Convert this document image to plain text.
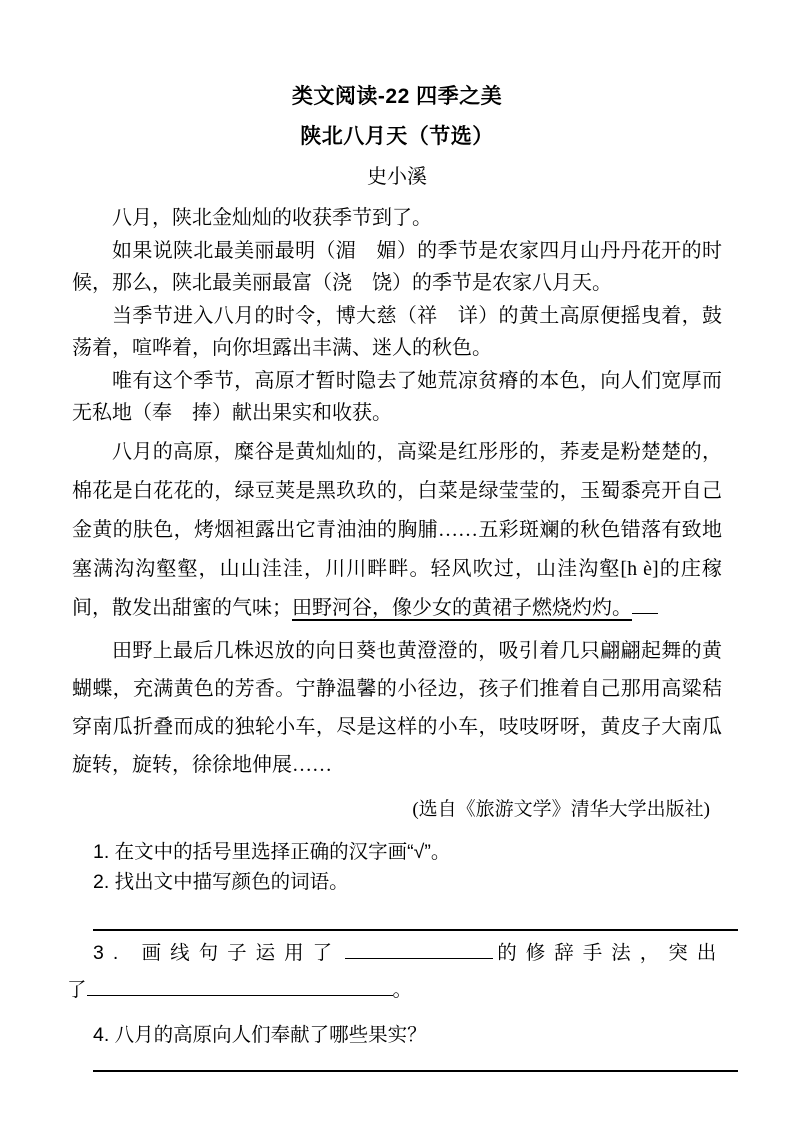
类文阅读-22 四季之美
陕北八月天（节选）
史小溪

八月，陕北金灿灿的收获季节到了。

如果说陕北最美丽最明（湄　媚）的季节是农家四月山丹丹花开的时候，那么，陕北最美丽最富（浇　饶）的季节是农家八月天。

当季节进入八月的时令，博大慈（祥　详）的黄土高原便摇曳着，鼓荡着，喧哗着，向你坦露出丰满、迷人的秋色。

唯有这个季节，高原才暂时隐去了她荒凉贫瘠的本色，向人们宽厚而无私地（奉　捧）献出果实和收获。

八月的高原，糜谷是黄灿灿的，高粱是红彤彤的，荞麦是粉楚楚的，棉花是白花花的，绿豆荚是黑玖玖的，白菜是绿莹莹的，玉蜀黍亮开自己金黄的肤色，烤烟袒露出它青油油的胸脯……五彩斑斓的秋色错落有致地塞满沟沟壑壑，山山洼洼，川川畔畔。轻风吹过，山洼沟壑[h è]的庄稼间，散发出甜蜜的气味；田野河谷，像少女的黄裙子燃烧灼灼。

田野上最后几株迟放的向日葵也黄澄澄的，吸引着几只翩翩起舞的黄蝴蝶，充满黄色的芳香。宁静温馨的小径边，孩子们推着自己那用高粱秸穿南瓜折叠而成的独轮小车，尽是这样的小车，吱吱呀呀，黄皮子大南瓜旋转，旋转，徐徐地伸展……

(选自《旅游文学》清华大学出版社)

1. 在文中的括号里选择正确的汉字画“√”。

2. 找出文中描写颜色的词语。

3. 画线句子运用了	的修辞手法，突出

了	。

4. 八月的高原向人们奉献了哪些果实？
